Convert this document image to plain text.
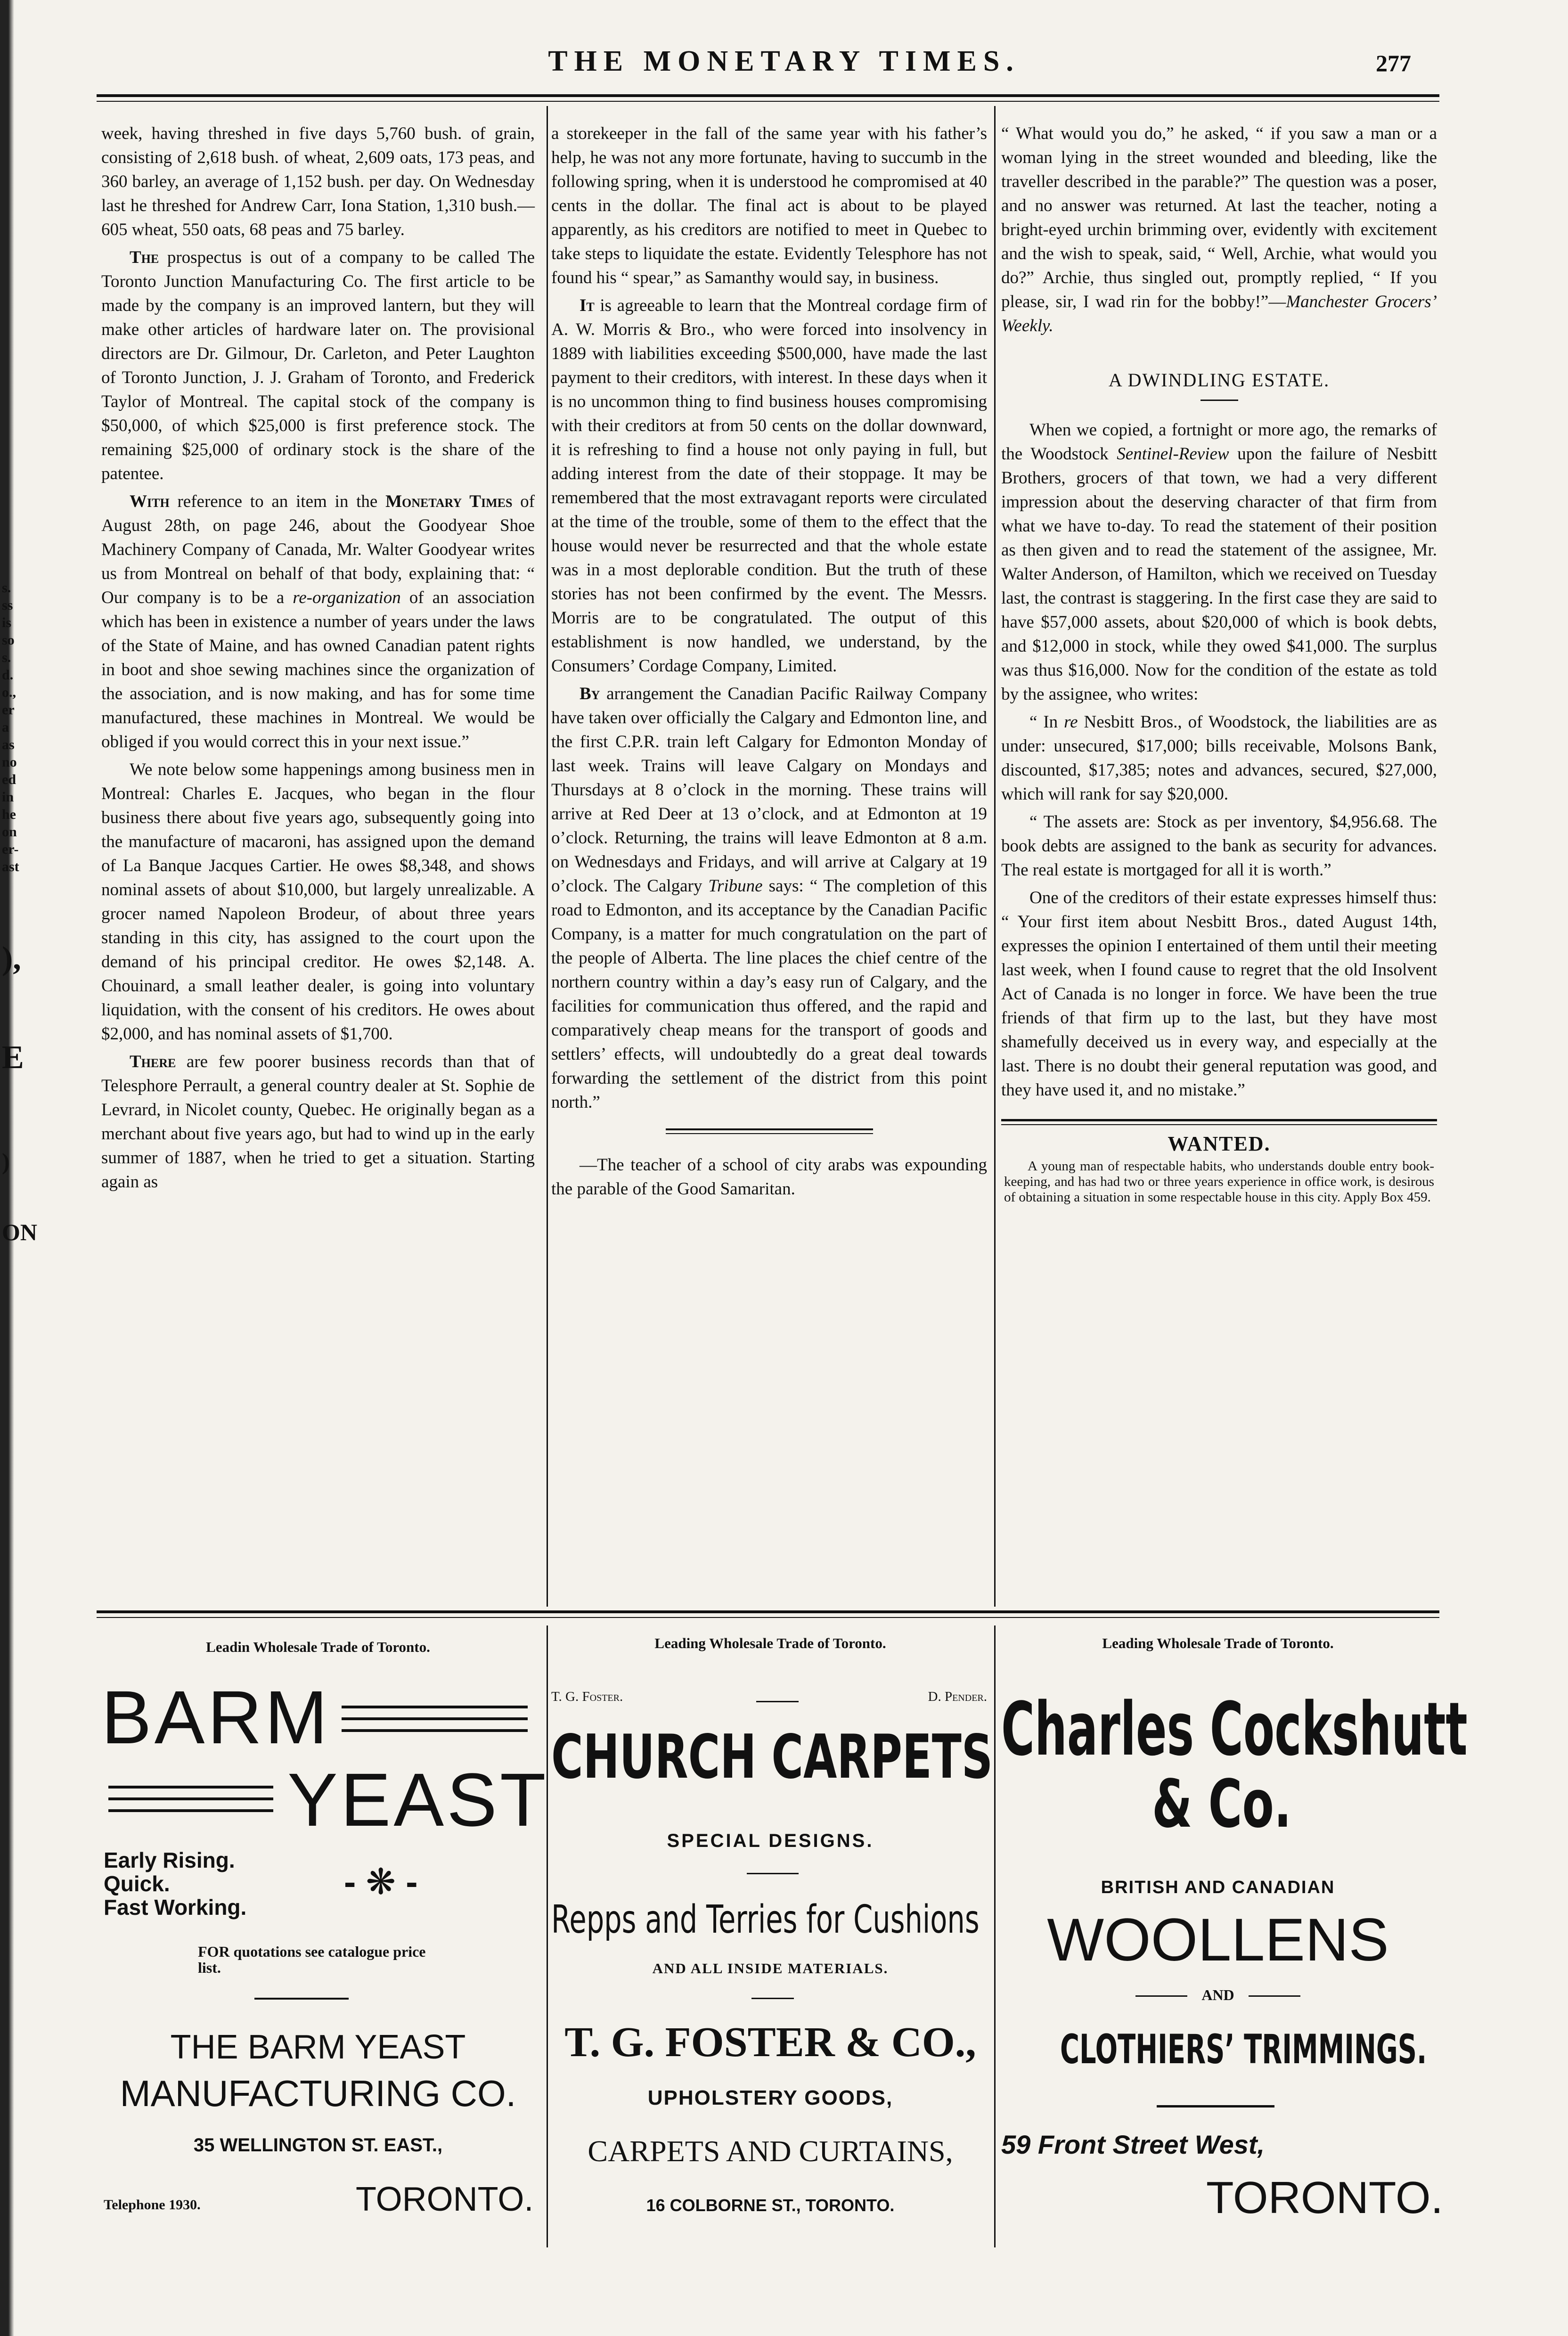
s.
ss
is
so
s.
d.
o.,
er
a
as
no
ed
in
he
on
er-
ast
),
E
)
ON
THE MONETARY TIMES.	277

week, having threshed in five days 5,760 bush. of grain, consisting of 2,618 bush. of wheat, 2,609 oats, 173 peas, and 360 barley, an average of 1,152 bush. per day. On Wednesday last he threshed for Andrew Carr, Iona Station, 1,310 bush.—605 wheat, 550 oats, 68 peas and 75 barley.

The prospectus is out of a company to be called The Toronto Junction Manufacturing Co. The first article to be made by the company is an improved lantern, but they will make other articles of hardware later on. The provisional directors are Dr. Gilmour, Dr. Carleton, and Peter Laughton of Toronto Junction, J. J. Graham of Toronto, and Frederick Taylor of Montreal. The capital stock of the company is $50,000, of which $25,000 is first preference stock. The remaining $25,000 of ordinary stock is the share of the patentee.

With reference to an item in the Monetary Times of August 28th, on page 246, about the Goodyear Shoe Machinery Company of Canada, Mr. Walter Goodyear writes us from Montreal on behalf of that body, explaining that: “ Our company is to be a re-organization of an association which has been in existence a number of years under the laws of the State of Maine, and has owned Canadian patent rights in boot and shoe sewing machines since the organization of the association, and is now making, and has for some time manufactured, these machines in Montreal. We would be obliged if you would correct this in your next issue.”

We note below some happenings among business men in Montreal: Charles E. Jacques, who began in the flour business there about five years ago, subsequently going into the manufacture of macaroni, has assigned upon the demand of La Banque Jacques Cartier. He owes $8,348, and shows nominal assets of about $10,000, but largely unrealizable. A grocer named Napoleon Brodeur, of about three years standing in this city, has assigned to the court upon the demand of his principal creditor. He owes $2,148. A. Chouinard, a small leather dealer, is going into voluntary liquidation, with the consent of his creditors. He owes about $2,000, and has nominal assets of $1,700.

There are few poorer business records than that of Telesphore Perrault, a general country dealer at St. Sophie de Levrard, in Nicolet county, Quebec. He originally began as a merchant about five years ago, but had to wind up in the early summer of 1887, when he tried to get a situation. Starting again as

a storekeeper in the fall of the same year with his father’s help, he was not any more fortunate, having to succumb in the following spring, when it is understood he compromised at 40 cents in the dollar. The final act is about to be played apparently, as his creditors are notified to meet in Quebec to take steps to liquidate the estate. Evidently Telesphore has not found his “ spear,” as Samanthy would say, in business.

It is agreeable to learn that the Montreal cordage firm of A. W. Morris & Bro., who were forced into insolvency in 1889 with liabilities exceeding $500,000, have made the last payment to their creditors, with interest. In these days when it is no uncommon thing to find business houses compromising with their creditors at from 50 cents on the dollar downward, it is refreshing to find a house not only paying in full, but adding interest from the date of their stoppage. It may be remembered that the most extravagant reports were circulated at the time of the trouble, some of them to the effect that the house would never be resurrected and that the whole estate was in a most deplorable condition. But the truth of these stories has not been confirmed by the event. The Messrs. Morris are to be congratulated. The output of this establishment is now handled, we understand, by the Consumers’ Cordage Company, Limited.

By arrangement the Canadian Pacific Railway Company have taken over officially the Calgary and Edmonton line, and the first C.P.R. train left Calgary for Edmonton Monday of last week. Trains will leave Calgary on Mondays and Thursdays at 8 o’clock in the morning. These trains will arrive at Red Deer at 13 o’clock, and at Edmonton at 19 o’clock. Returning, the trains will leave Edmonton at 8 a.m. on Wednesdays and Fridays, and will arrive at Calgary at 19 o’clock. The Calgary Tribune says: “ The completion of this road to Edmonton, and its acceptance by the Canadian Pacific Company, is a matter for much congratulation on the part of the people of Alberta. The line places the chief centre of the northern country within a day’s easy run of Calgary, and the facilities for communication thus offered, and the rapid and comparatively cheap means for the transport of goods and settlers’ effects, will undoubtedly do a great deal towards forwarding the settlement of the district from this point north.”

—The teacher of a school of city arabs was expounding the parable of the Good Samaritan.

“ What would you do,” he asked, “ if you saw a man or a woman lying in the street wounded and bleeding, like the traveller described in the parable?” The question was a poser, and no answer was returned. At last the teacher, noting a bright-eyed urchin brimming over, evidently with excitement and the wish to speak, said, “ Well, Archie, what would you do?” Archie, thus singled out, promptly replied, “ If you please, sir, I wad rin for the bobby!”—Manchester Grocers’ Weekly.

A DWINDLING ESTATE.

When we copied, a fortnight or more ago, the remarks of the Woodstock Sentinel-Review upon the failure of Nesbitt Brothers, grocers of that town, we had a very different impression about the deserving character of that firm from what we have to-day. To read the statement of their position as then given and to read the statement of the assignee, Mr. Walter Anderson, of Hamilton, which we received on Tuesday last, the contrast is staggering. In the first case they are said to have $57,000 assets, about $20,000 of which is book debts, and $12,000 in stock, while they owed $41,000. The surplus was thus $16,000. Now for the condition of the estate as told by the assignee, who writes:

“ In re Nesbitt Bros., of Woodstock, the liabilities are as under: unsecured, $17,000; bills receivable, Molsons Bank, discounted, $17,385; notes and advances, secured, $27,000, which will rank for say $20,000.

“ The assets are: Stock as per inventory, $4,956.68. The book debts are assigned to the bank as security for advances. The real estate is mortgaged for all it is worth.”

One of the creditors of their estate expresses himself thus: “ Your first item about Nesbitt Bros., dated August 14th, expresses the opinion I entertained of them until their meeting last week, when I found cause to regret that the old Insolvent Act of Canada is no longer in force. We have been the true friends of that firm up to the last, but they have most shamefully deceived us in every way, and especially at the last. There is no doubt their general reputation was good, and they have used it, and no mistake.”

WANTED.
A young man of respectable habits, who understands double entry book-keeping, and has had two or three years experience in office work, is desirous of obtaining a situation in some respectable house in this city. Apply Box 459.
Leadin Wholesale Trade of Toronto.
BARM
YEAST
Early Rising.
Quick.
Fast Working.
- ❋ -
FOR quotations see catalogue price list.
THE BARM YEAST
MANUFACTURING CO.
35 WELLINGTON ST. EAST.,
Telephone 1930.	TORONTO.
Leading Wholesale Trade of Toronto.
T. G. Foster.	D. Pender.
CHURCH CARPETS
SPECIAL DESIGNS.
Repps and Terries for Cushions
AND ALL INSIDE MATERIALS.
T. G. FOSTER & CO.,
UPHOLSTERY GOODS,
CARPETS AND CURTAINS,
16 COLBORNE ST., TORONTO.
Leading Wholesale Trade of Toronto.
Charles Cockshutt
& Co.
BRITISH AND CANADIAN
WOOLLENS
AND
CLOTHIERS’ TRIMMINGS.
59 Front Street West,
TORONTO.
